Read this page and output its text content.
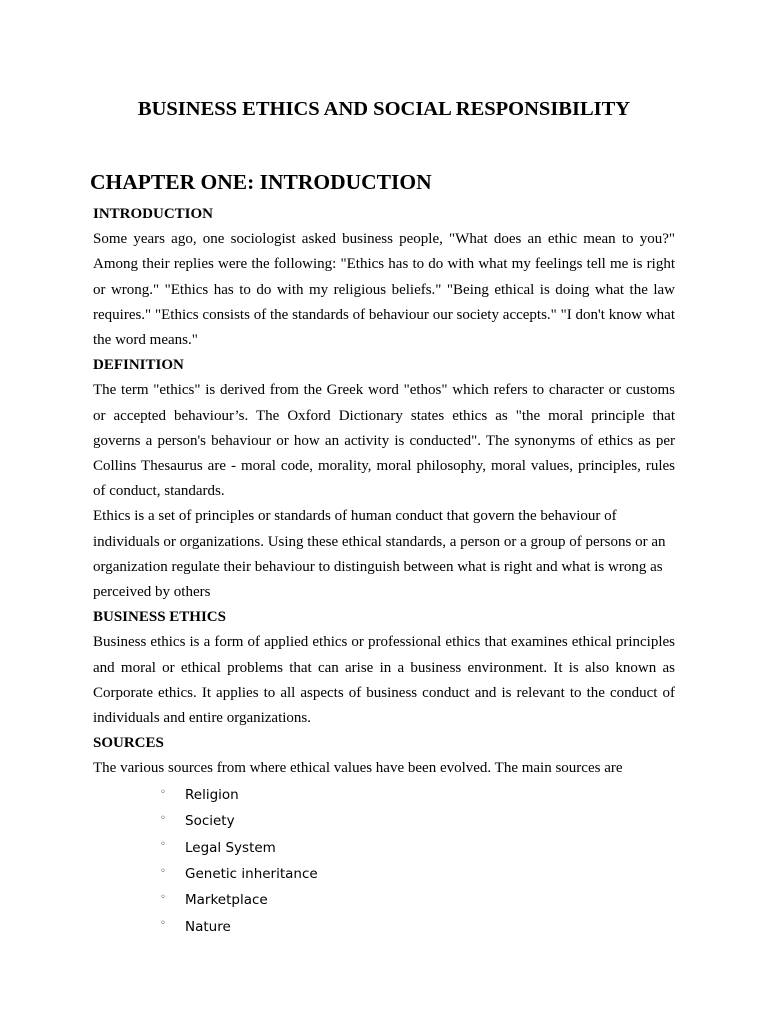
BUSINESS ETHICS AND SOCIAL RESPONSIBILITY
CHAPTER ONE: INTRODUCTION

INTRODUCTION

Some years ago, one sociologist asked business people, "What does an ethic mean to you?" Among their replies were the following: "Ethics has to do with what my feelings tell me is right or wrong." "Ethics has to do with my religious beliefs." "Being ethical is doing what the law requires." "Ethics consists of the standards of behaviour our society accepts." "I don't know what the word means."

DEFINITION

The term "ethics" is derived from the Greek word "ethos" which refers to character or customs or accepted behaviour’s. The Oxford Dictionary states ethics as "the moral principle that governs a person's behaviour or how an activity is conducted". The synonyms of ethics as per Collins Thesaurus are - moral code, morality, moral philosophy, moral values, principles, rules of conduct, standards.

Ethics is a set of principles or standards of human conduct that govern the behaviour of individuals or organizations. Using these ethical standards, a person or a group of persons or an organization regulate their behaviour to distinguish between what is right and what is wrong as perceived by others

BUSINESS ETHICS

Business ethics is a form of applied ethics or professional ethics that examines ethical principles and moral or ethical problems that can arise in a business environment. It is also known as Corporate ethics. It applies to all aspects of business conduct and is relevant to the conduct of individuals and entire organizations.

SOURCES

The various sources from where ethical values have been evolved. The main sources are

◦	Religion
◦	Society
◦	Legal System
◦	Genetic inheritance
◦	Marketplace
◦	Nature
